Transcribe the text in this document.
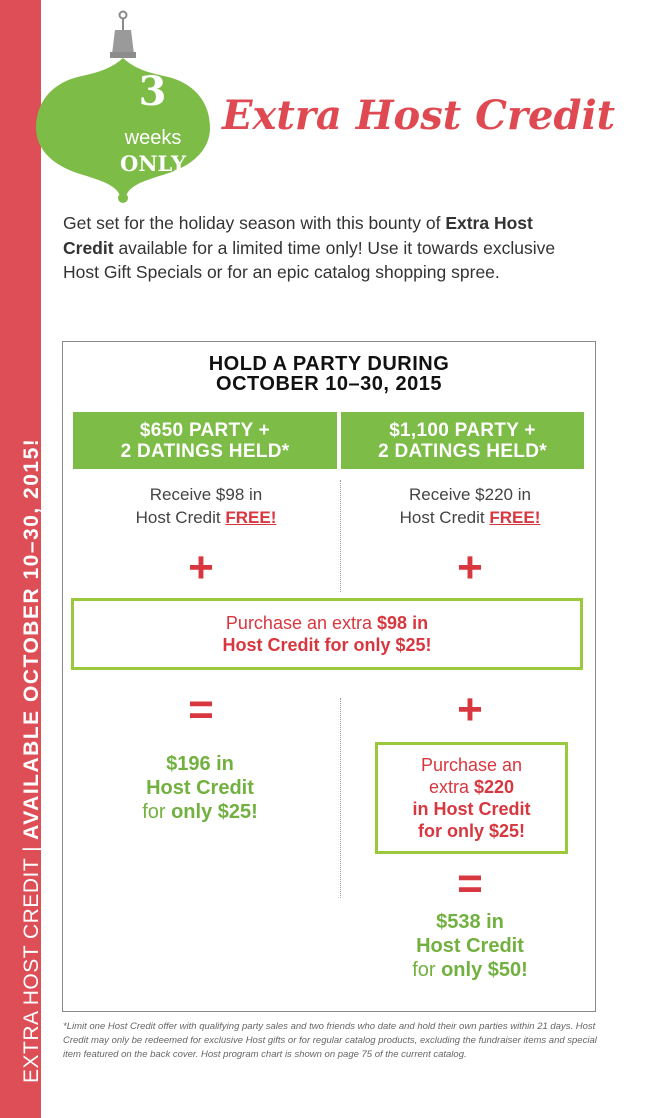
EXTRA HOST CREDIT|AVAILABLE OCTOBER 10–30, 2015!
3
weeks
ONLY
Extra Host Credit
Get set for the holiday season with this bounty of Extra Host Credit available for a limited time only! Use it towards exclusive Host Gift Specials or for an epic catalog shopping spree.
HOLD A PARTY DURING
OCTOBER 10–30, 2015
$650 PARTY +
2 DATINGS HELD*
$1,100 PARTY +
2 DATINGS HELD*
Receive $98 in
Host Credit FREE!
Receive $220 in
Host Credit FREE!
+	+
Purchase an extra $98 in
Host Credit for only $25!
=	+
$196 in
Host Credit
for only $25!
Purchase an
extra $220
in Host Credit
for only $25!
=
$538 in
Host Credit
for only $50!
*Limit one Host Credit offer with qualifying party sales and two friends who date and hold their own parties within 21 days. Host Credit may only be redeemed for exclusive Host gifts or for regular catalog products, excluding the fundraiser items and special item featured on the back cover. Host program chart is shown on page 75 of the current catalog.
